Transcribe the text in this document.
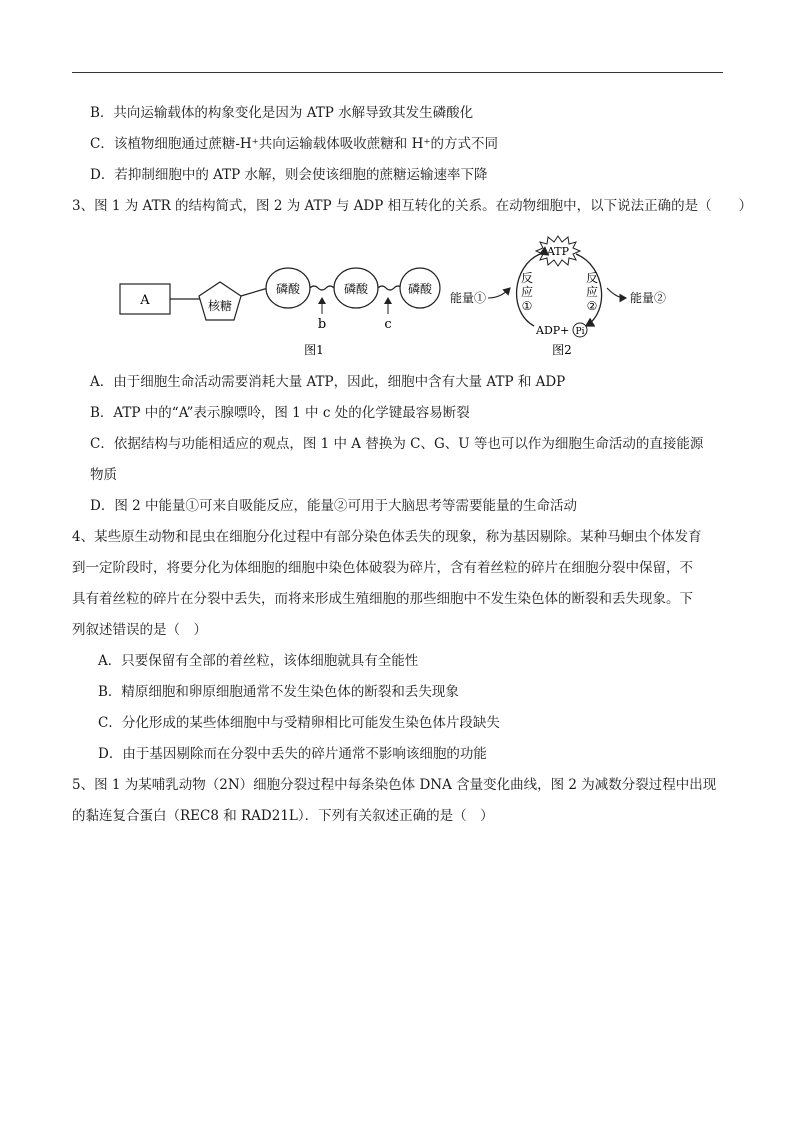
B．共向运输载体的构象变化是因为 ATP 水解导致其发生磷酸化
C．该植物细胞通过蔗糖-H⁺共向运输载体吸收蔗糖和 H⁺的方式不同
D．若抑制细胞中的 ATP 水解，则会使该细胞的蔗糖运输速率下降
3、图 1 为 ATR 的结构简式，图 2 为 ATP 与 ADP 相互转化的关系。在动物细胞中，以下说法正确的是（　　）
A	核糖
磷酸	磷酸	磷酸
b	c
图1
ATP
反
应
①
反
应
②
能量①	能量②
ADP+ Pi
图2
A．由于细胞生命活动需要消耗大量 ATP，因此，细胞中含有大量 ATP 和 ADP
B．ATP 中的“A”表示腺嘌呤，图 1 中 c 处的化学键最容易断裂
C．依据结构与功能相适应的观点，图 1 中 A 替换为 C、G、U 等也可以作为细胞生命活动的直接能源
物质
D．图 2 中能量①可来自吸能反应，能量②可用于大脑思考等需要能量的生命活动
4、某些原生动物和昆虫在细胞分化过程中有部分染色体丢失的现象，称为基因剔除。某种马蛔虫个体发育
到一定阶段时，将要分化为体细胞的细胞中染色体破裂为碎片，含有着丝粒的碎片在细胞分裂中保留，不
具有着丝粒的碎片在分裂中丢失，而将来形成生殖细胞的那些细胞中不发生染色体的断裂和丢失现象。下
列叙述错误的是（　）
A．只要保留有全部的着丝粒，该体细胞就具有全能性
B．精原细胞和卵原细胞通常不发生染色体的断裂和丢失现象
C．分化形成的某些体细胞中与受精卵相比可能发生染色体片段缺失
D．由于基因剔除而在分裂中丢失的碎片通常不影响该细胞的功能
5、图 1 为某哺乳动物（2N）细胞分裂过程中每条染色体 DNA 含量变化曲线，图 2 为减数分裂过程中出现
的黏连复合蛋白（REC8 和 RAD21L）．下列有关叙述正确的是（　）
